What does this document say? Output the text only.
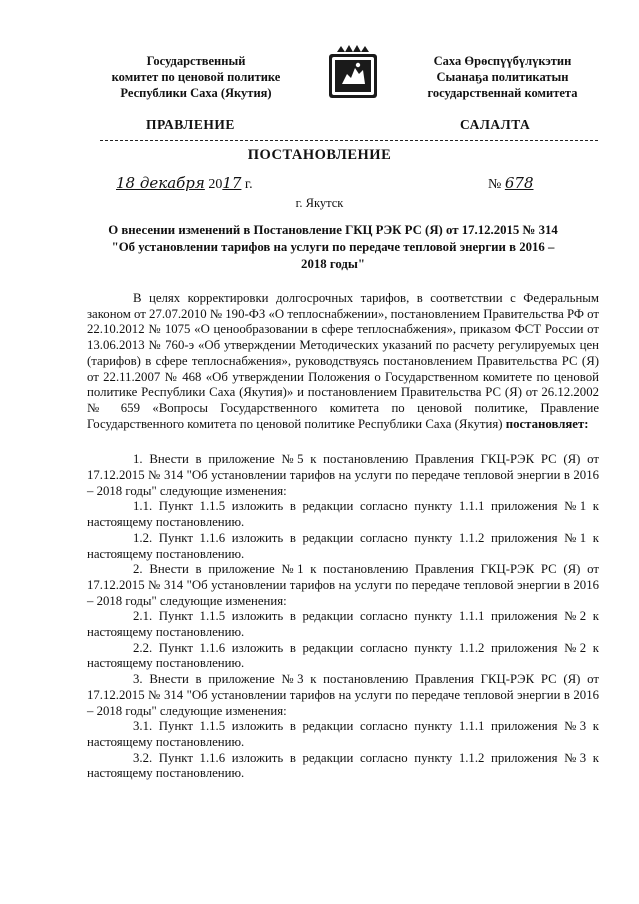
Государственный
комитет по ценовой политике
Республики Саха (Якутия)
Саха Өрөспүүбүлүкэтин
Сыанаҕа политикатын
государственнай комитета
ПРАВЛЕНИЕ	САЛАЛТА
ПОСТАНОВЛЕНИЕ
18 декабря 2017 г.	№ 678
г. Якутск
О внесении изменений в Постановление ГКЦ РЭК РС (Я) от 17.12.2015 № 314 "Об установлении тарифов на услуги по передаче тепловой энергии в 2016 – 2018 годы"

В целях корректировки долгосрочных тарифов, в соответствии с Федеральным законом от 27.07.2010 № 190-ФЗ «О теплоснабжении», постановлением Правительства РФ от 22.10.2012 № 1075 «О ценообразовании в сфере теплоснабжения», приказом ФСТ России от 13.06.2013 № 760-э «Об утверждении Методических указаний по расчету регулируемых цен (тарифов) в сфере теплоснабжения», руководствуясь постановлением Правительства РС (Я) от 22.11.2007 № 468 «Об утверждении Положения о Государственном комитете по ценовой политике Республики Саха (Якутия)» и постановлением Правительства РС (Я) от 26.12.2002 № 659 «Вопросы Государственного комитета по ценовой политике, Правление Государственного комитета по ценовой политике Республики Саха (Якутия) постановляет:

1. Внести в приложение №5 к постановлению Правления ГКЦ-РЭК РС (Я) от 17.12.2015 № 314 "Об установлении тарифов на услуги по передаче тепловой энергии в 2016 – 2018 годы" следующие изменения:

1.1. Пункт 1.1.5 изложить в редакции согласно пункту 1.1.1 приложения №1 к настоящему постановлению.

1.2. Пункт 1.1.6 изложить в редакции согласно пункту 1.1.2 приложения №1 к настоящему постановлению.

2. Внести в приложение №1 к постановлению Правления ГКЦ-РЭК РС (Я) от 17.12.2015 № 314 "Об установлении тарифов на услуги по передаче тепловой энергии в 2016 – 2018 годы" следующие изменения:

2.1. Пункт 1.1.5 изложить в редакции согласно пункту 1.1.1 приложения №2 к настоящему постановлению.

2.2. Пункт 1.1.6 изложить в редакции согласно пункту 1.1.2 приложения №2 к настоящему постановлению.

3. Внести в приложение №3 к постановлению Правления ГКЦ-РЭК РС (Я) от 17.12.2015 № 314 "Об установлении тарифов на услуги по передаче тепловой энергии в 2016 – 2018 годы" следующие изменения:

3.1. Пункт 1.1.5 изложить в редакции согласно пункту 1.1.1 приложения №3 к настоящему постановлению.

3.2. Пункт 1.1.6 изложить в редакции согласно пункту 1.1.2 приложения №3 к настоящему постановлению.
